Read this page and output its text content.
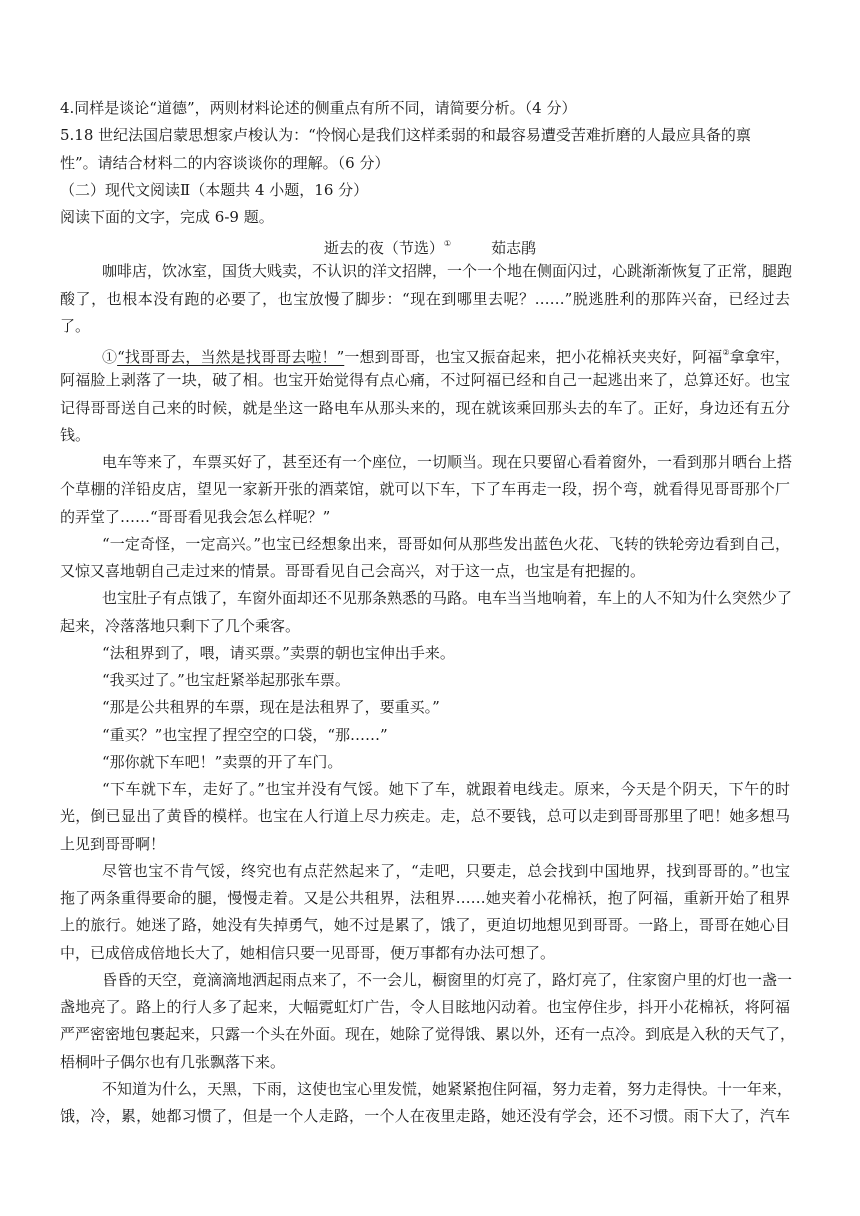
4.同样是谈论“道德”，两则材料论述的侧重点有所不同，请简要分析。（4 分）
5.18 世纪法国启蒙思想家卢梭认为：“怜悯心是我们这样柔弱的和最容易遭受苦难折磨的人最应具备的禀
性”。请结合材料二的内容谈谈你的理解。（6 分）
（二）现代文阅读Ⅱ（本题共 4 小题，16 分）
阅读下面的文字，完成 6-9 题。
逝去的夜（节选）①	茹志鹃
咖啡店，饮冰室，国货大贱卖，不认识的洋文招牌，一个一个地在侧面闪过，心跳渐渐恢复了正常，腿跑
酸了，也根本没有跑的必要了，也宝放慢了脚步：“现在到哪里去呢？……”脱逃胜利的那阵兴奋，已经过去
了。
①“找哥哥去，当然是找哥哥去啦！”一想到哥哥，也宝又振奋起来，把小花棉袄夹夹好，阿福②拿拿牢，
阿福脸上剥落了一块，破了相。也宝开始觉得有点心痛，不过阿福已经和自己一起逃出来了，总算还好。也宝
记得哥哥送自己来的时候，就是坐这一路电车从那头来的，现在就该乘回那头去的车了。正好，身边还有五分
钱。
电车等来了，车票买好了，甚至还有一个座位，一切顺当。现在只要留心看着窗外，一看到那爿晒台上搭
个草棚的洋铅皮店，望见一家新开张的酒菜馆，就可以下车，下了车再走一段，拐个弯，就看得见哥哥那个厂
的弄堂了……“哥哥看见我会怎么样呢？”
“一定奇怪，一定高兴。”也宝已经想象出来，哥哥如何从那些发出蓝色火花、飞转的铁轮旁边看到自己，
又惊又喜地朝自己走过来的情景。哥哥看见自己会高兴，对于这一点，也宝是有把握的。
也宝肚子有点饿了，车窗外面却还不见那条熟悉的马路。电车当当地响着，车上的人不知为什么突然少了
起来，冷落落地只剩下了几个乘客。
“法租界到了，喂，请买票。”卖票的朝也宝伸出手来。
“我买过了。”也宝赶紧举起那张车票。
“那是公共租界的车票，现在是法租界了，要重买。”
“重买？”也宝捏了捏空空的口袋，“那……”
“那你就下车吧！”卖票的开了车门。
“下车就下车，走好了。”也宝并没有气馁。她下了车，就跟着电线走。原来，今天是个阴天，下午的时
光，倒已显出了黄昏的模样。也宝在人行道上尽力疾走。走，总不要钱，总可以走到哥哥那里了吧！她多想马
上见到哥哥啊！
尽管也宝不肯气馁，终究也有点茫然起来了，“走吧，只要走，总会找到中国地界，找到哥哥的。”也宝
拖了两条重得要命的腿，慢慢走着。又是公共租界，法租界……她夹着小花棉袄，抱了阿福，重新开始了租界
上的旅行。她迷了路，她没有失掉勇气，她不过是累了，饿了，更迫切地想见到哥哥。一路上，哥哥在她心目
中，已成倍成倍地长大了，她相信只要一见哥哥，便万事都有办法可想了。
昏昏的天空，竟滴滴地洒起雨点来了，不一会儿，橱窗里的灯亮了，路灯亮了，住家窗户里的灯也一盏一
盏地亮了。路上的行人多了起来，大幅霓虹灯广告，令人目眩地闪动着。也宝停住步，抖开小花棉袄，将阿福
严严密密地包裹起来，只露一个头在外面。现在，她除了觉得饿、累以外，还有一点冷。到底是入秋的天气了，
梧桐叶子偶尔也有几张飘落下来。
不知道为什么，天黑，下雨，这使也宝心里发慌，她紧紧抱住阿福，努力走着，努力走得快。十一年来，
饿，冷，累，她都习惯了，但是一个人走路，一个人在夜里走路，她还没有学会，还不习惯。雨下大了，汽车
